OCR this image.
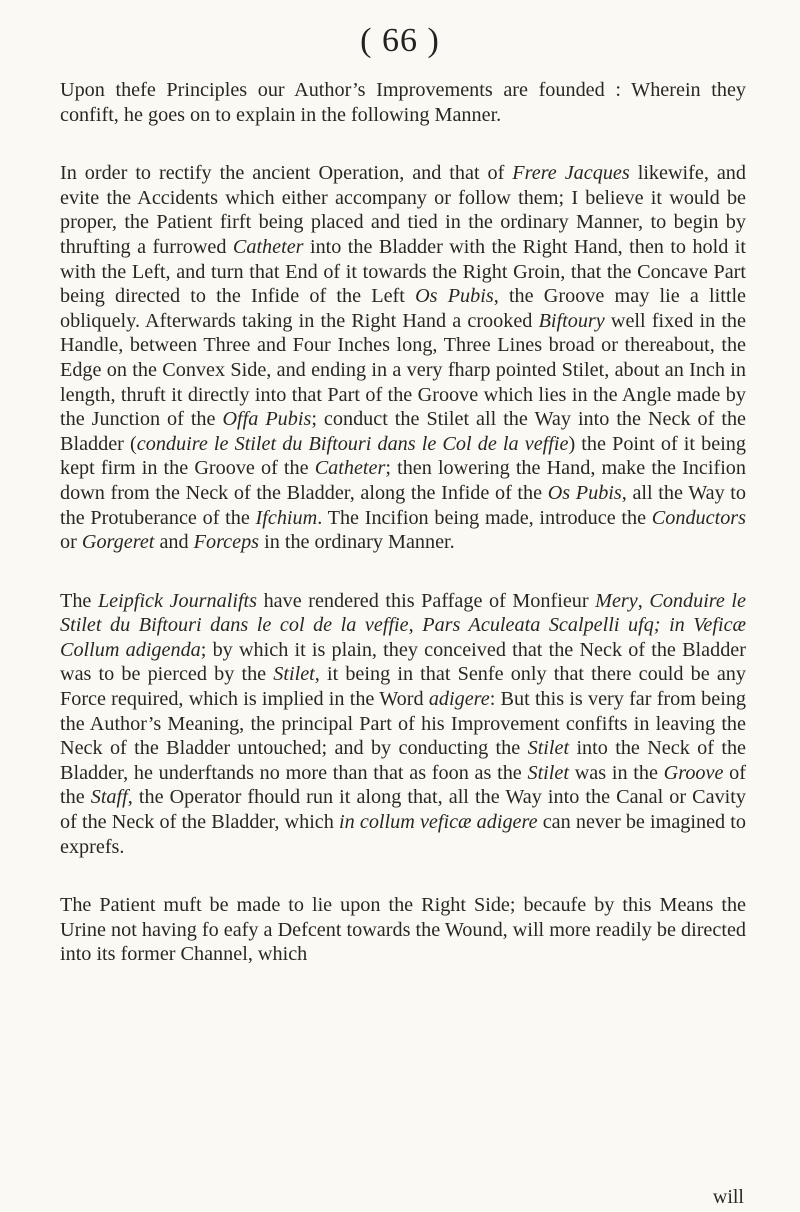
( 66 )

Upon thefe Principles our Author’s Improvements are founded : Wherein they confift, he goes on to explain in the following Manner.

In order to rectify the ancient Operation, and that of Frere Jacques likewife, and evite the Accidents which either accompany or follow them; I believe it would be proper, the Patient firft being placed and tied in the ordinary Manner, to begin by thrufting a furrowed Catheter into the Bladder with the Right Hand, then to hold it with the Left, and turn that End of it towards the Right Groin, that the Concave Part being directed to the Infide of the Left Os Pubis, the Groove may lie a little obliquely. Afterwards taking in the Right Hand a crooked Biftoury well fixed in the Handle, between Three and Four Inches long, Three Lines broad or thereabout, the Edge on the Convex Side, and ending in a very fharp pointed Stilet, about an Inch in length, thruft it directly into that Part of the Groove which lies in the Angle made by the Junction of the Offa Pubis; conduct the Stilet all the Way into the Neck of the Bladder (conduire le Stilet du Biftouri dans le Col de la veffie) the Point of it being kept firm in the Groove of the Catheter; then lowering the Hand, make the Incifion down from the Neck of the Bladder, along the Infide of the Os Pubis, all the Way to the Protuberance of the Ifchium. The Incifion being made, introduce the Conductors or Gorgeret and Forceps in the ordinary Manner.

The Leipfick Journalifts have rendered this Paffage of Monfieur Mery, Conduire le Stilet du Biftouri dans le col de la veffie, Pars Aculeata Scalpelli ufq; in Veficæ Collum adigenda; by which it is plain, they conceived that the Neck of the Bladder was to be pierced by the Stilet, it being in that Senfe only that there could be any Force required, which is implied in the Word adigere: But this is very far from being the Author’s Meaning, the principal Part of his Improvement confifts in leaving the Neck of the Bladder untouched; and by conducting the Stilet into the Neck of the Bladder, he underftands no more than that as foon as the Stilet was in the Groove of the Staff, the Operator fhould run it along that, all the Way into the Canal or Cavity of the Neck of the Bladder, which in collum veficæ adigere can never be imagined to exprefs.

The Patient muft be made to lie upon the Right Side; becaufe by this Means the Urine not having fo eafy a Defcent towards the Wound, will more readily be directed into its former Channel, which

will
